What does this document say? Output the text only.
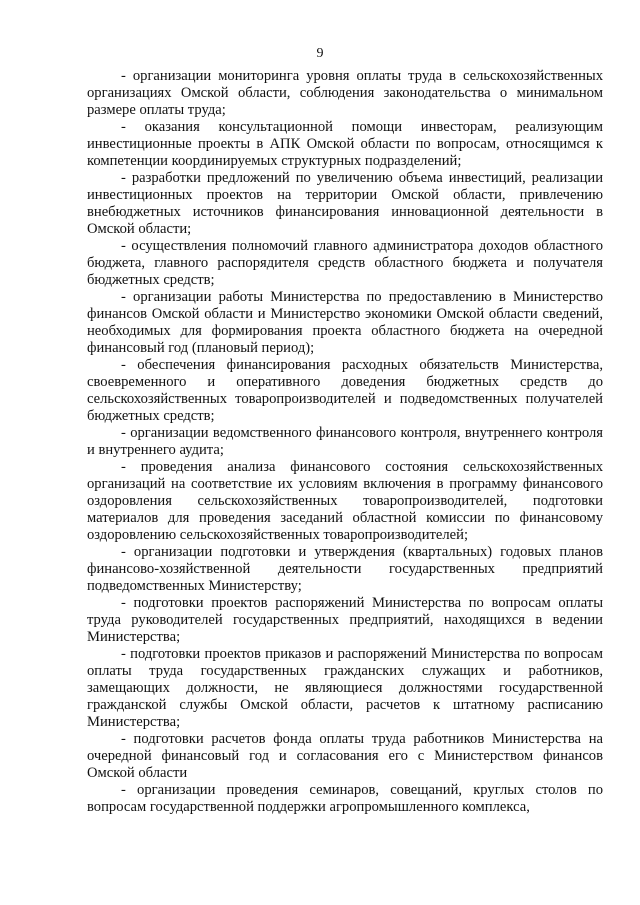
9

- организации мониторинга уровня оплаты труда в сельскохозяйственных организациях Омской области, соблюдения законодательства о минимальном размере оплаты труда;

- оказания консультационной помощи инвесторам, реализующим инвестиционные проекты в АПК Омской области по вопросам, относящимся к компетенции координируемых структурных подразделений;

- разработки предложений по увеличению объема инвестиций, реализации инвестиционных проектов на территории Омской области, привлечению внебюджетных источников финансирования инновационной деятельности в Омской области;

- осуществления полномочий главного администратора доходов областного бюджета, главного распорядителя средств областного бюджета и получателя бюджетных средств;

- организации работы Министерства по предоставлению в Министерство финансов Омской области и Министерство экономики Омской области сведений, необходимых для формирования проекта областного бюджета на очередной финансовый год (плановый период);

- обеспечения финансирования расходных обязательств Министерства, своевременного и оперативного доведения бюджетных средств до сельскохозяйственных товаропроизводителей и подведомственных получателей бюджетных средств;

- организации ведомственного финансового контроля, внутреннего контроля и внутреннего аудита;

- проведения анализа финансового состояния сельскохозяйственных организаций на соответствие их условиям включения в программу финансового оздоровления сельскохозяйственных товаропроизводителей, подготовки материалов для проведения заседаний областной комиссии по финансовому оздоровлению сельскохозяйственных товаропроизводителей;

- организации подготовки и утверждения (квартальных) годовых планов финансово-хозяйственной деятельности государственных предприятий подведомственных Министерству;

- подготовки проектов распоряжений Министерства по вопросам оплаты труда руководителей государственных предприятий, находящихся в ведении Министерства;

- подготовки проектов приказов и распоряжений Министерства по вопросам оплаты труда государственных гражданских служащих и работников, замещающих должности, не являющиеся должностями государственной гражданской службы Омской области, расчетов к штатному расписанию Министерства;

- подготовки расчетов фонда оплаты труда работников Министерства на очередной финансовый год и согласования его с Министерством финансов Омской области

- организации проведения семинаров, совещаний, круглых столов по вопросам государственной поддержки агропромышленного комплекса,
